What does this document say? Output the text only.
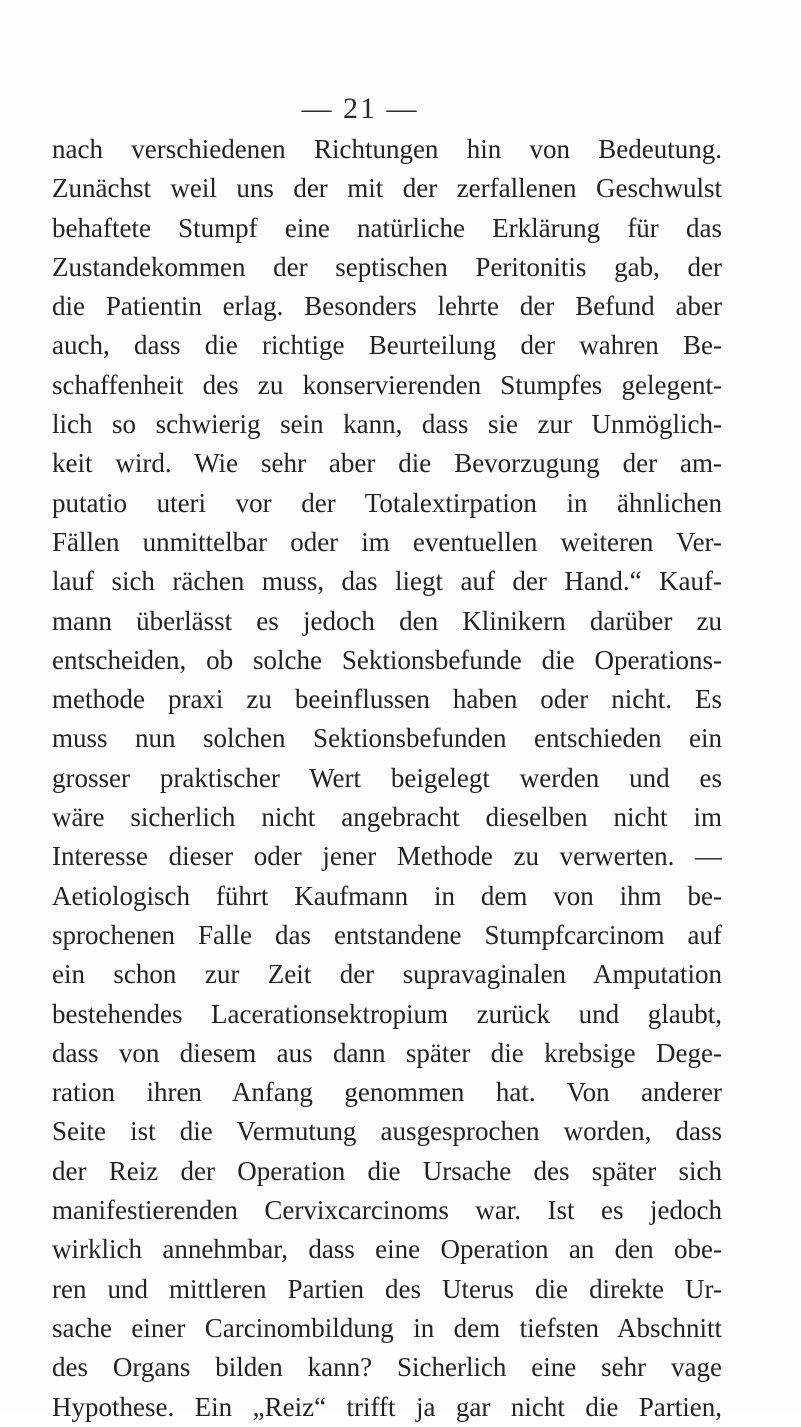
— 21 —
nach verschiedenen Richtungen hin von Bedeutung.
Zunächst weil uns der mit der zerfallenen Geschwulst
behaftete Stumpf eine natürliche Erklärung für das
Zustandekommen der septischen Peritonitis gab, der
die Patientin erlag. Besonders lehrte der Befund aber
auch, dass die richtige Beurteilung der wahren Be-
schaffenheit des zu konservierenden Stumpfes gelegent-
lich so schwierig sein kann, dass sie zur Unmöglich-
keit wird. Wie sehr aber die Bevorzugung der am-
putatio uteri vor der Totalextirpation in ähnlichen
Fällen unmittelbar oder im eventuellen weiteren Ver-
lauf sich rächen muss, das liegt auf der Hand.“ Kauf-
mann überlässt es jedoch den Klinikern darüber zu
entscheiden, ob solche Sektionsbefunde die Operations-
methode praxi zu beeinflussen haben oder nicht. Es
muss nun solchen Sektionsbefunden entschieden ein
grosser praktischer Wert beigelegt werden und es
wäre sicherlich nicht angebracht dieselben nicht im
Interesse dieser oder jener Methode zu verwerten. —
Aetiologisch führt Kaufmann in dem von ihm be-
sprochenen Falle das entstandene Stumpfcarcinom auf
ein schon zur Zeit der supravaginalen Amputation
bestehendes Lacerationsektropium zurück und glaubt,
dass von diesem aus dann später die krebsige Dege-
ration ihren Anfang genommen hat. Von anderer
Seite ist die Vermutung ausgesprochen worden, dass
der Reiz der Operation die Ursache des später sich
manifestierenden Cervixcarcinoms war. Ist es jedoch
wirklich annehmbar, dass eine Operation an den obe-
ren und mittleren Partien des Uterus die direkte Ur-
sache einer Carcinombildung in dem tiefsten Abschnitt
des Organs bilden kann? Sicherlich eine sehr vage
Hypothese. Ein „Reiz“ trifft ja gar nicht die Partien,
